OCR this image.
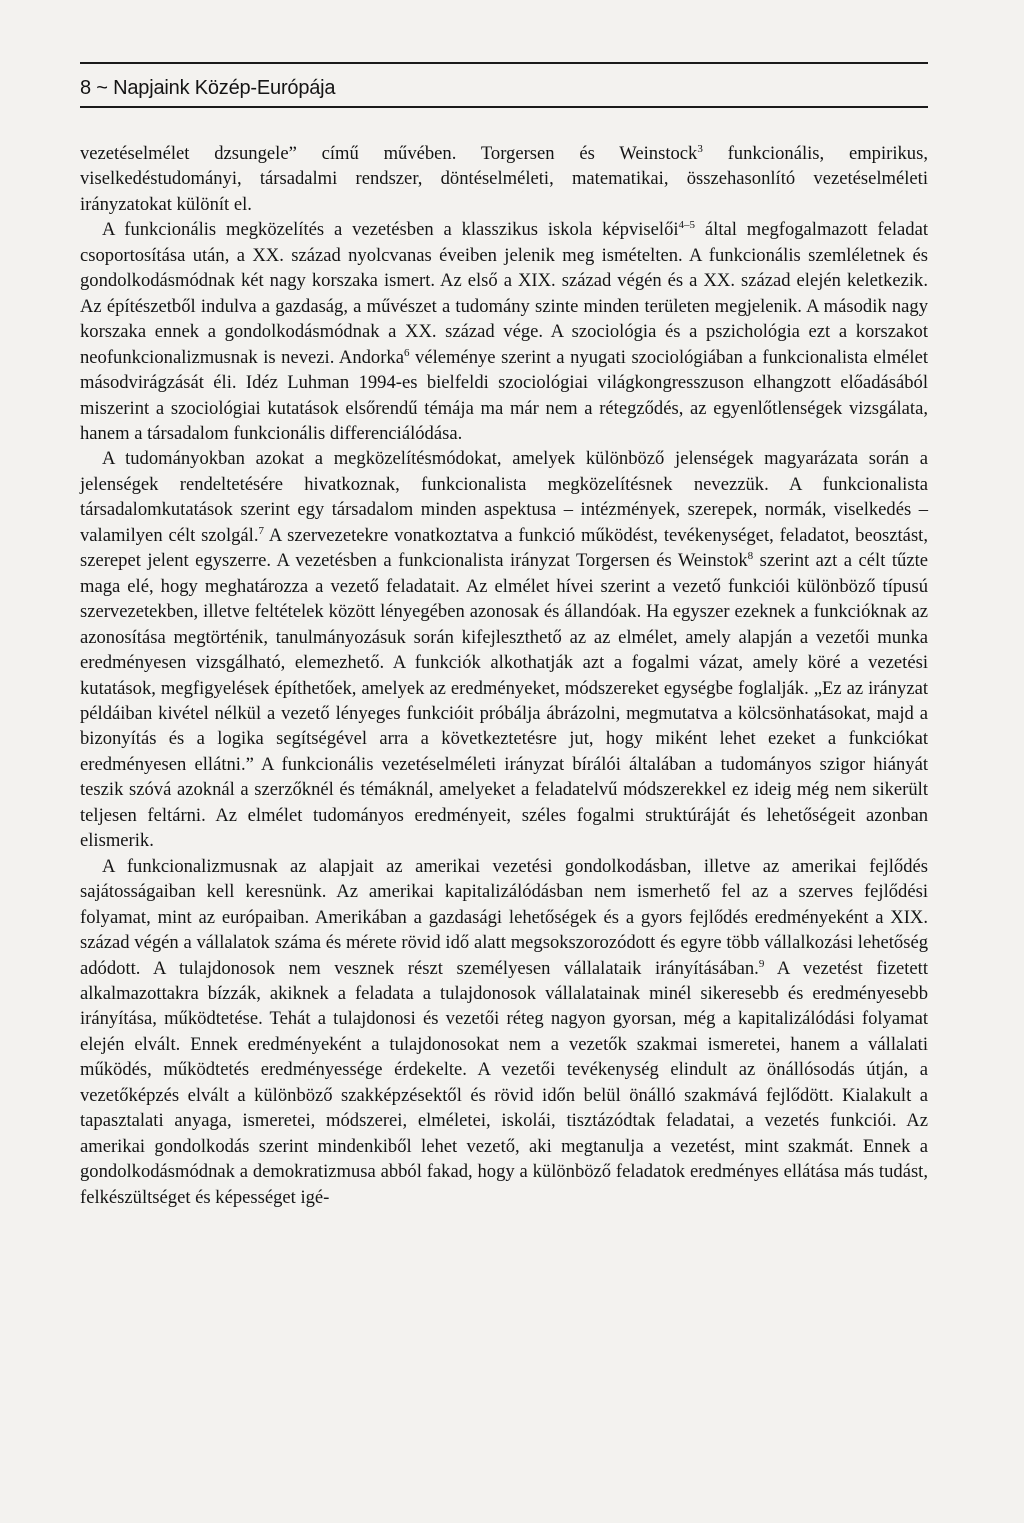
8 ~ Napjaink Közép-Európája

vezetéselmélet dzsungele” című művében. Torgersen és Weinstock$^3$ funkcionális, empirikus, viselkedéstudományi, társadalmi rendszer, döntéselméleti, matematikai, összehasonlító vezetéselméleti irányzatokat különít el.

A funkcionális megközelítés a vezetésben a klasszikus iskola képviselői$^{4-5}$ által megfogalmazott feladat csoportosítása után, a XX. század nyolcvanas éveiben jelenik meg ismételten. A funkcionális szemléletnek és gondolkodásmódnak két nagy korszaka ismert. Az első a XIX. század végén és a XX. század elején keletkezik. Az építészetből indulva a gazdaság, a művészet a tudomány szinte minden területen megjelenik. A második nagy korszaka ennek a gondolkodásmódnak a XX. század vége. A szociológia és a pszichológia ezt a korszakot neofunkcionalizmusnak is nevezi. Andorka$^6$ véleménye szerint a nyugati szociológiában a funkcionalista elmélet másodvirágzását éli. Idéz Luhman 1994-es bielfeldi szociológiai világkongresszuson elhangzott előadásából miszerint a szociológiai kutatások elsőrendű témája ma már nem a rétegződés, az egyenlőtlenségek vizsgálata, hanem a társadalom funkcionális differenciálódása.

A tudományokban azokat a megközelítésmódokat, amelyek különböző jelenségek magyarázata során a jelenségek rendeltetésére hivatkoznak, funkcionalista megközelítésnek nevezzük. A funkcionalista társadalomkutatások szerint egy társadalom minden aspektusa – intézmények, szerepek, normák, viselkedés – valamilyen célt szolgál.$^7$ A szervezetekre vonatkoztatva a funkció működést, tevékenységet, feladatot, beosztást, szerepet jelent egyszerre. A vezetésben a funkcionalista irányzat Torgersen és Weinstok$^8$ szerint azt a célt tűzte maga elé, hogy meghatározza a vezető feladatait. Az elmélet hívei szerint a vezető funkciói különböző típusú szervezetekben, illetve feltételek között lényegében azonosak és állandóak. Ha egyszer ezeknek a funkcióknak az azonosítása megtörténik, tanulmányozásuk során kifejleszthető az az elmélet, amely alapján a vezetői munka eredményesen vizsgálható, elemezhető. A funkciók alkothatják azt a fogalmi vázat, amely köré a vezetési kutatások, megfigyelések építhetőek, amelyek az eredményeket, módszereket egységbe foglalják. „Ez az irányzat példáiban kivétel nélkül a vezető lényeges funkcióit próbálja ábrázolni, megmutatva a kölcsönhatásokat, majd a bizonyítás és a logika segítségével arra a következtetésre jut, hogy miként lehet ezeket a funkciókat eredményesen ellátni.” A funkcionális vezetéselméleti irányzat bírálói általában a tudományos szigor hiányát teszik szóvá azoknál a szerzőknél és témáknál, amelyeket a feladatelvű módszerekkel ez ideig még nem sikerült teljesen feltárni. Az elmélet tudományos eredményeit, széles fogalmi struktúráját és lehetőségeit azonban elismerik.

A funkcionalizmusnak az alapjait az amerikai vezetési gondolkodásban, illetve az amerikai fejlődés sajátosságaiban kell keresnünk. Az amerikai kapitalizálódásban nem ismerhető fel az a szerves fejlődési folyamat, mint az európaiban. Amerikában a gazdasági lehetőségek és a gyors fejlődés eredményeként a XIX. század végén a vállalatok száma és mérete rövid idő alatt megsokszorozódott és egyre több vállalkozási lehetőség adódott. A tulajdonosok nem vesznek részt személyesen vállalataik irányításában.$^9$ A vezetést fizetett alkalmazottakra bízzák, akiknek a feladata a tulajdonosok vállalatainak minél sikeresebb és eredményesebb irányítása, működtetése. Tehát a tulajdonosi és vezetői réteg nagyon gyorsan, még a kapitalizálódási folyamat elején elvált. Ennek eredményeként a tulajdonosokat nem a vezetők szakmai ismeretei, hanem a vállalati működés, működtetés eredményessége érdekelte. A vezetői tevékenység elindult az önállósodás útján, a vezetőképzés elvált a különböző szakképzésektől és rövid időn belül önálló szakmává fejlődött. Kialakult a tapasztalati anyaga, ismeretei, módszerei, elméletei, iskolái, tisztázódtak feladatai, a vezetés funkciói. Az amerikai gondolkodás szerint mindenkiből lehet vezető, aki megtanulja a vezetést, mint szakmát. Ennek a gondolkodásmódnak a demokratizmusa abból fakad, hogy a különböző feladatok eredményes ellátása más tudást, felkészültséget és képességet igé-
